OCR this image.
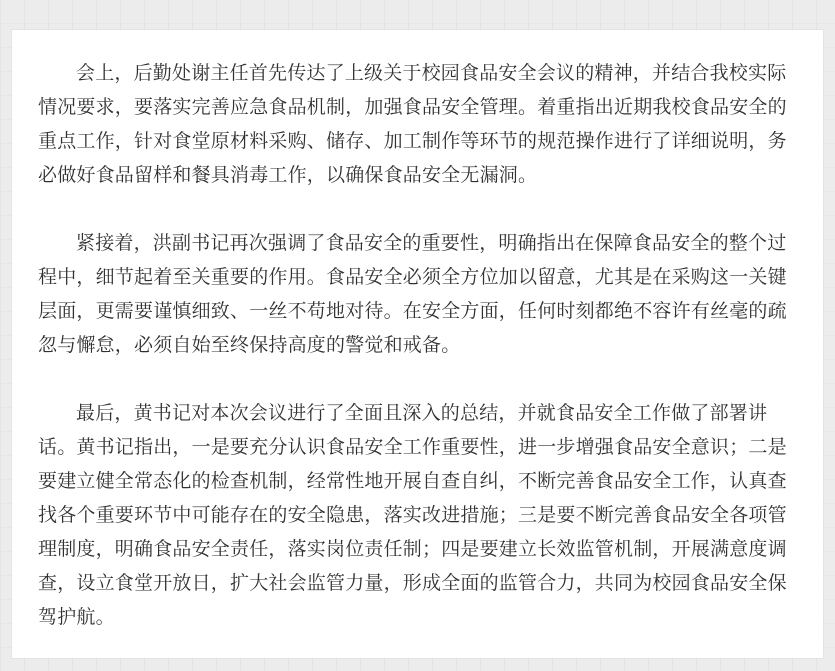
会上，后勤处谢主任首先传达了上级关于校园食品安全会议的精神，并结合我校实际情况要求，要落实完善应急食品机制，加强食品安全管理。着重指出近期我校食品安全的重点工作，针对食堂原材料采购、储存、加工制作等环节的规范操作进行了详细说明，务必做好食品留样和餐具消毒工作，以确保食品安全无漏洞。

紧接着，洪副书记再次强调了食品安全的重要性，明确指出在保障食品安全的整个过程中，细节起着至关重要的作用。食品安全必须全方位加以留意，尤其是在采购这一关键层面，更需要谨慎细致、一丝不苟地对待。在安全方面，任何时刻都绝不容许有丝毫的疏忽与懈怠，必须自始至终保持高度的警觉和戒备。

最后，黄书记对本次会议进行了全面且深入的总结，并就食品安全工作做了部署讲话。黄书记指出，一是要充分认识食品安全工作重要性，进一步增强食品安全意识；二是要建立健全常态化的检查机制，经常性地开展自查自纠，不断完善食品安全工作，认真查找各个重要环节中可能存在的安全隐患，落实改进措施；三是要不断完善食品安全各项管理制度，明确食品安全责任，落实岗位责任制；四是要建立长效监管机制，开展满意度调查，设立食堂开放日，扩大社会监管力量，形成全面的监管合力，共同为校园食品安全保驾护航。
